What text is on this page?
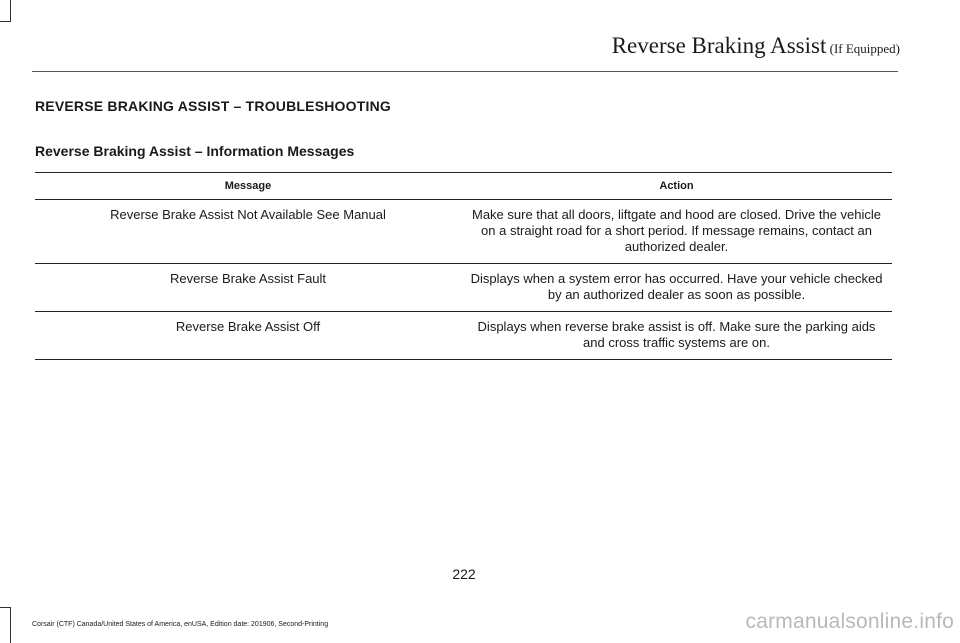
Reverse Braking Assist (If Equipped)
REVERSE BRAKING ASSIST – TROUBLESHOOTING
Reverse Braking Assist – Information Messages
Message	Action
Reverse Brake Assist Not Available See Manual	Make sure that all doors, liftgate and hood are closed. Drive the vehicle on a straight road for a short period. If message remains, contact an authorized dealer.
Reverse Brake Assist Fault	Displays when a system error has occurred. Have your vehicle checked by an authorized dealer as soon as possible.
Reverse Brake Assist Off	Displays when reverse brake assist is off. Make sure the parking aids and cross traffic systems are on.
222
Corsair (CTF) Canada/United States of America, enUSA, Edition date: 201906, Second-Printing	carmanualsonline.info
